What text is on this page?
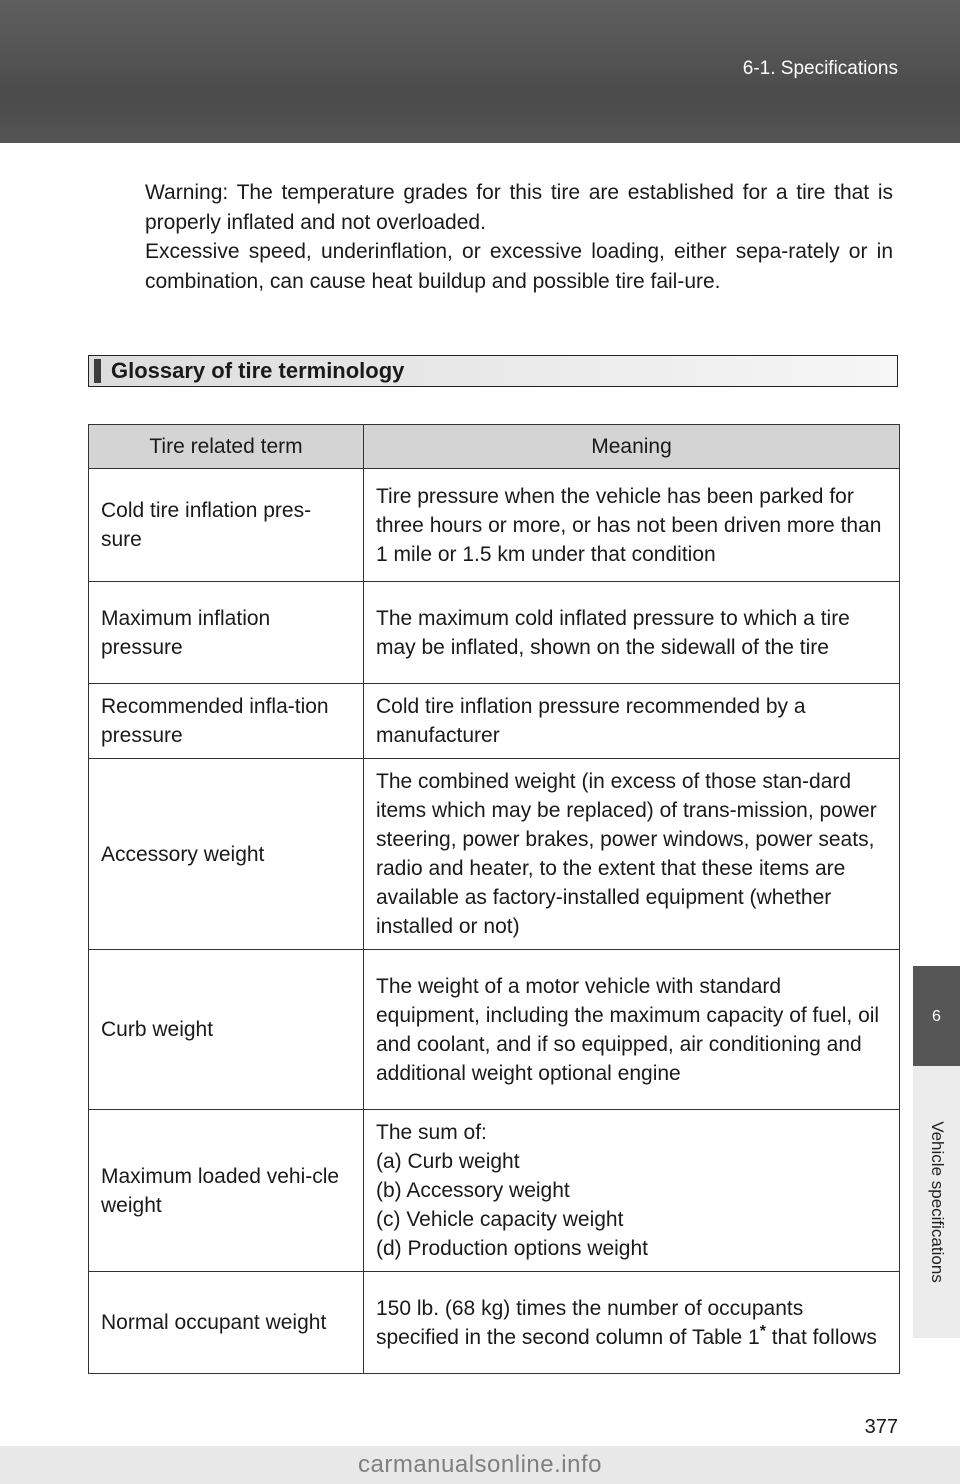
6-1. Specifications

Warning: The temperature grades for this tire are established for a tire that is properly inflated and not overloaded.

Excessive speed, underinflation, or excessive loading, either sepa-rately or in combination, can cause heat buildup and possible tire fail-ure.

Glossary of tire terminology
Tire related term	Meaning
Cold tire inflation pres-sure	Tire pressure when the vehicle has been parked for three hours or more, or has not been driven more than 1 mile or 1.5 km under that condition
Maximum inflation pressure	The maximum cold inflated pressure to which a tire may be inflated, shown on the sidewall of the tire
Recommended infla-tion pressure	Cold tire inflation pressure recommended by a manufacturer
Accessory weight	The combined weight (in excess of those stan-dard items which may be replaced) of trans-mission, power steering, power brakes, power windows, power seats, radio and heater, to the extent that these items are available as factory-installed equipment (whether installed or not)
Curb weight	The weight of a motor vehicle with standard equipment, including the maximum capacity of fuel, oil and coolant, and if so equipped, air conditioning and additional weight optional engine
Maximum loaded vehi-cle weight	The sum of:
(a) Curb weight
(b) Accessory weight
(c) Vehicle capacity weight
(d) Production options weight

Normal occupant weight	150 lb. (68 kg) times the number of occupants specified in the second column of Table 1* that follows
6
Vehicle specifications
377
carmanualsonline.info
